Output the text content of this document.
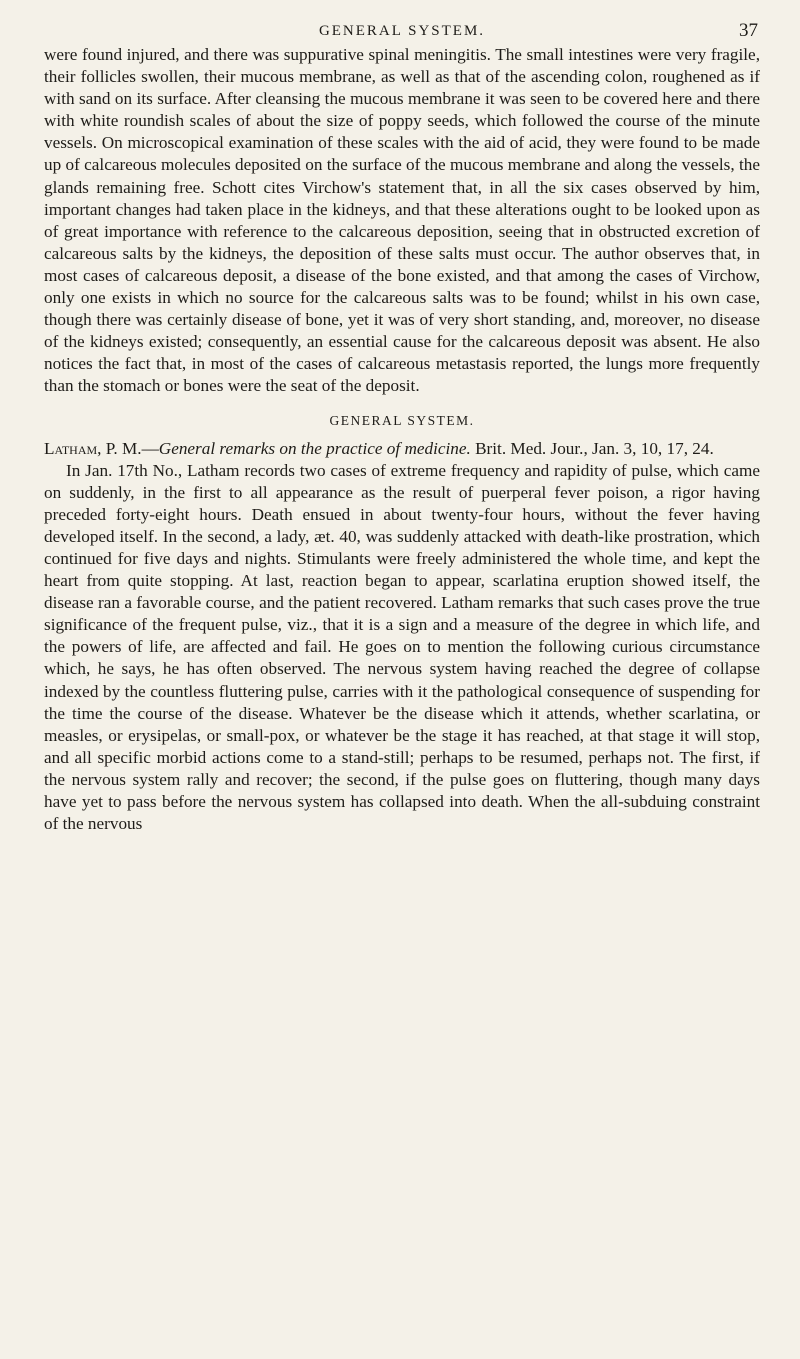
GENERAL SYSTEM.	37

were found injured, and there was suppurative spinal meningitis. The small intestines were very fragile, their follicles swollen, their mucous membrane, as well as that of the ascending colon, roughened as if with sand on its surface. After cleansing the mucous membrane it was seen to be covered here and there with white roundish scales of about the size of poppy seeds, which followed the course of the minute vessels. On microscopical examination of these scales with the aid of acid, they were found to be made up of calcareous molecules deposited on the surface of the mucous membrane and along the vessels, the glands remaining free. Schott cites Virchow's statement that, in all the six cases observed by him, important changes had taken place in the kidneys, and that these alterations ought to be looked upon as of great importance with reference to the calcareous deposition, seeing that in obstructed excretion of calcareous salts by the kidneys, the deposition of these salts must occur. The author observes that, in most cases of calcareous deposit, a disease of the bone existed, and that among the cases of Virchow, only one exists in which no source for the calcareous salts was to be found; whilst in his own case, though there was certainly disease of bone, yet it was of very short standing, and, moreover, no disease of the kidneys existed; consequently, an essential cause for the calcareous deposit was absent. He also notices the fact that, in most of the cases of calcareous metastasis reported, the lungs more frequently than the stomach or bones were the seat of the deposit.

GENERAL SYSTEM.

Latham, P. M.—General remarks on the practice of medicine. Brit. Med. Jour., Jan. 3, 10, 17, 24.

In Jan. 17th No., Latham records two cases of extreme frequency and rapidity of pulse, which came on suddenly, in the first to all appearance as the result of puerperal fever poison, a rigor having preceded forty-eight hours. Death ensued in about twenty-four hours, without the fever having developed itself. In the second, a lady, æt. 40, was suddenly attacked with death-like prostration, which continued for five days and nights. Stimulants were freely administered the whole time, and kept the heart from quite stopping. At last, reaction began to appear, scarlatina eruption showed itself, the disease ran a favorable course, and the patient recovered. Latham remarks that such cases prove the true significance of the frequent pulse, viz., that it is a sign and a measure of the degree in which life, and the powers of life, are affected and fail. He goes on to mention the following curious circumstance which, he says, he has often observed. The nervous system having reached the degree of collapse indexed by the countless fluttering pulse, carries with it the pathological consequence of suspending for the time the course of the disease. Whatever be the disease which it attends, whether scarlatina, or measles, or erysipelas, or small-pox, or whatever be the stage it has reached, at that stage it will stop, and all specific morbid actions come to a stand-still; perhaps to be resumed, perhaps not. The first, if the nervous system rally and recover; the second, if the pulse goes on fluttering, though many days have yet to pass before the nervous system has collapsed into death. When the all-subduing constraint of the nervous
